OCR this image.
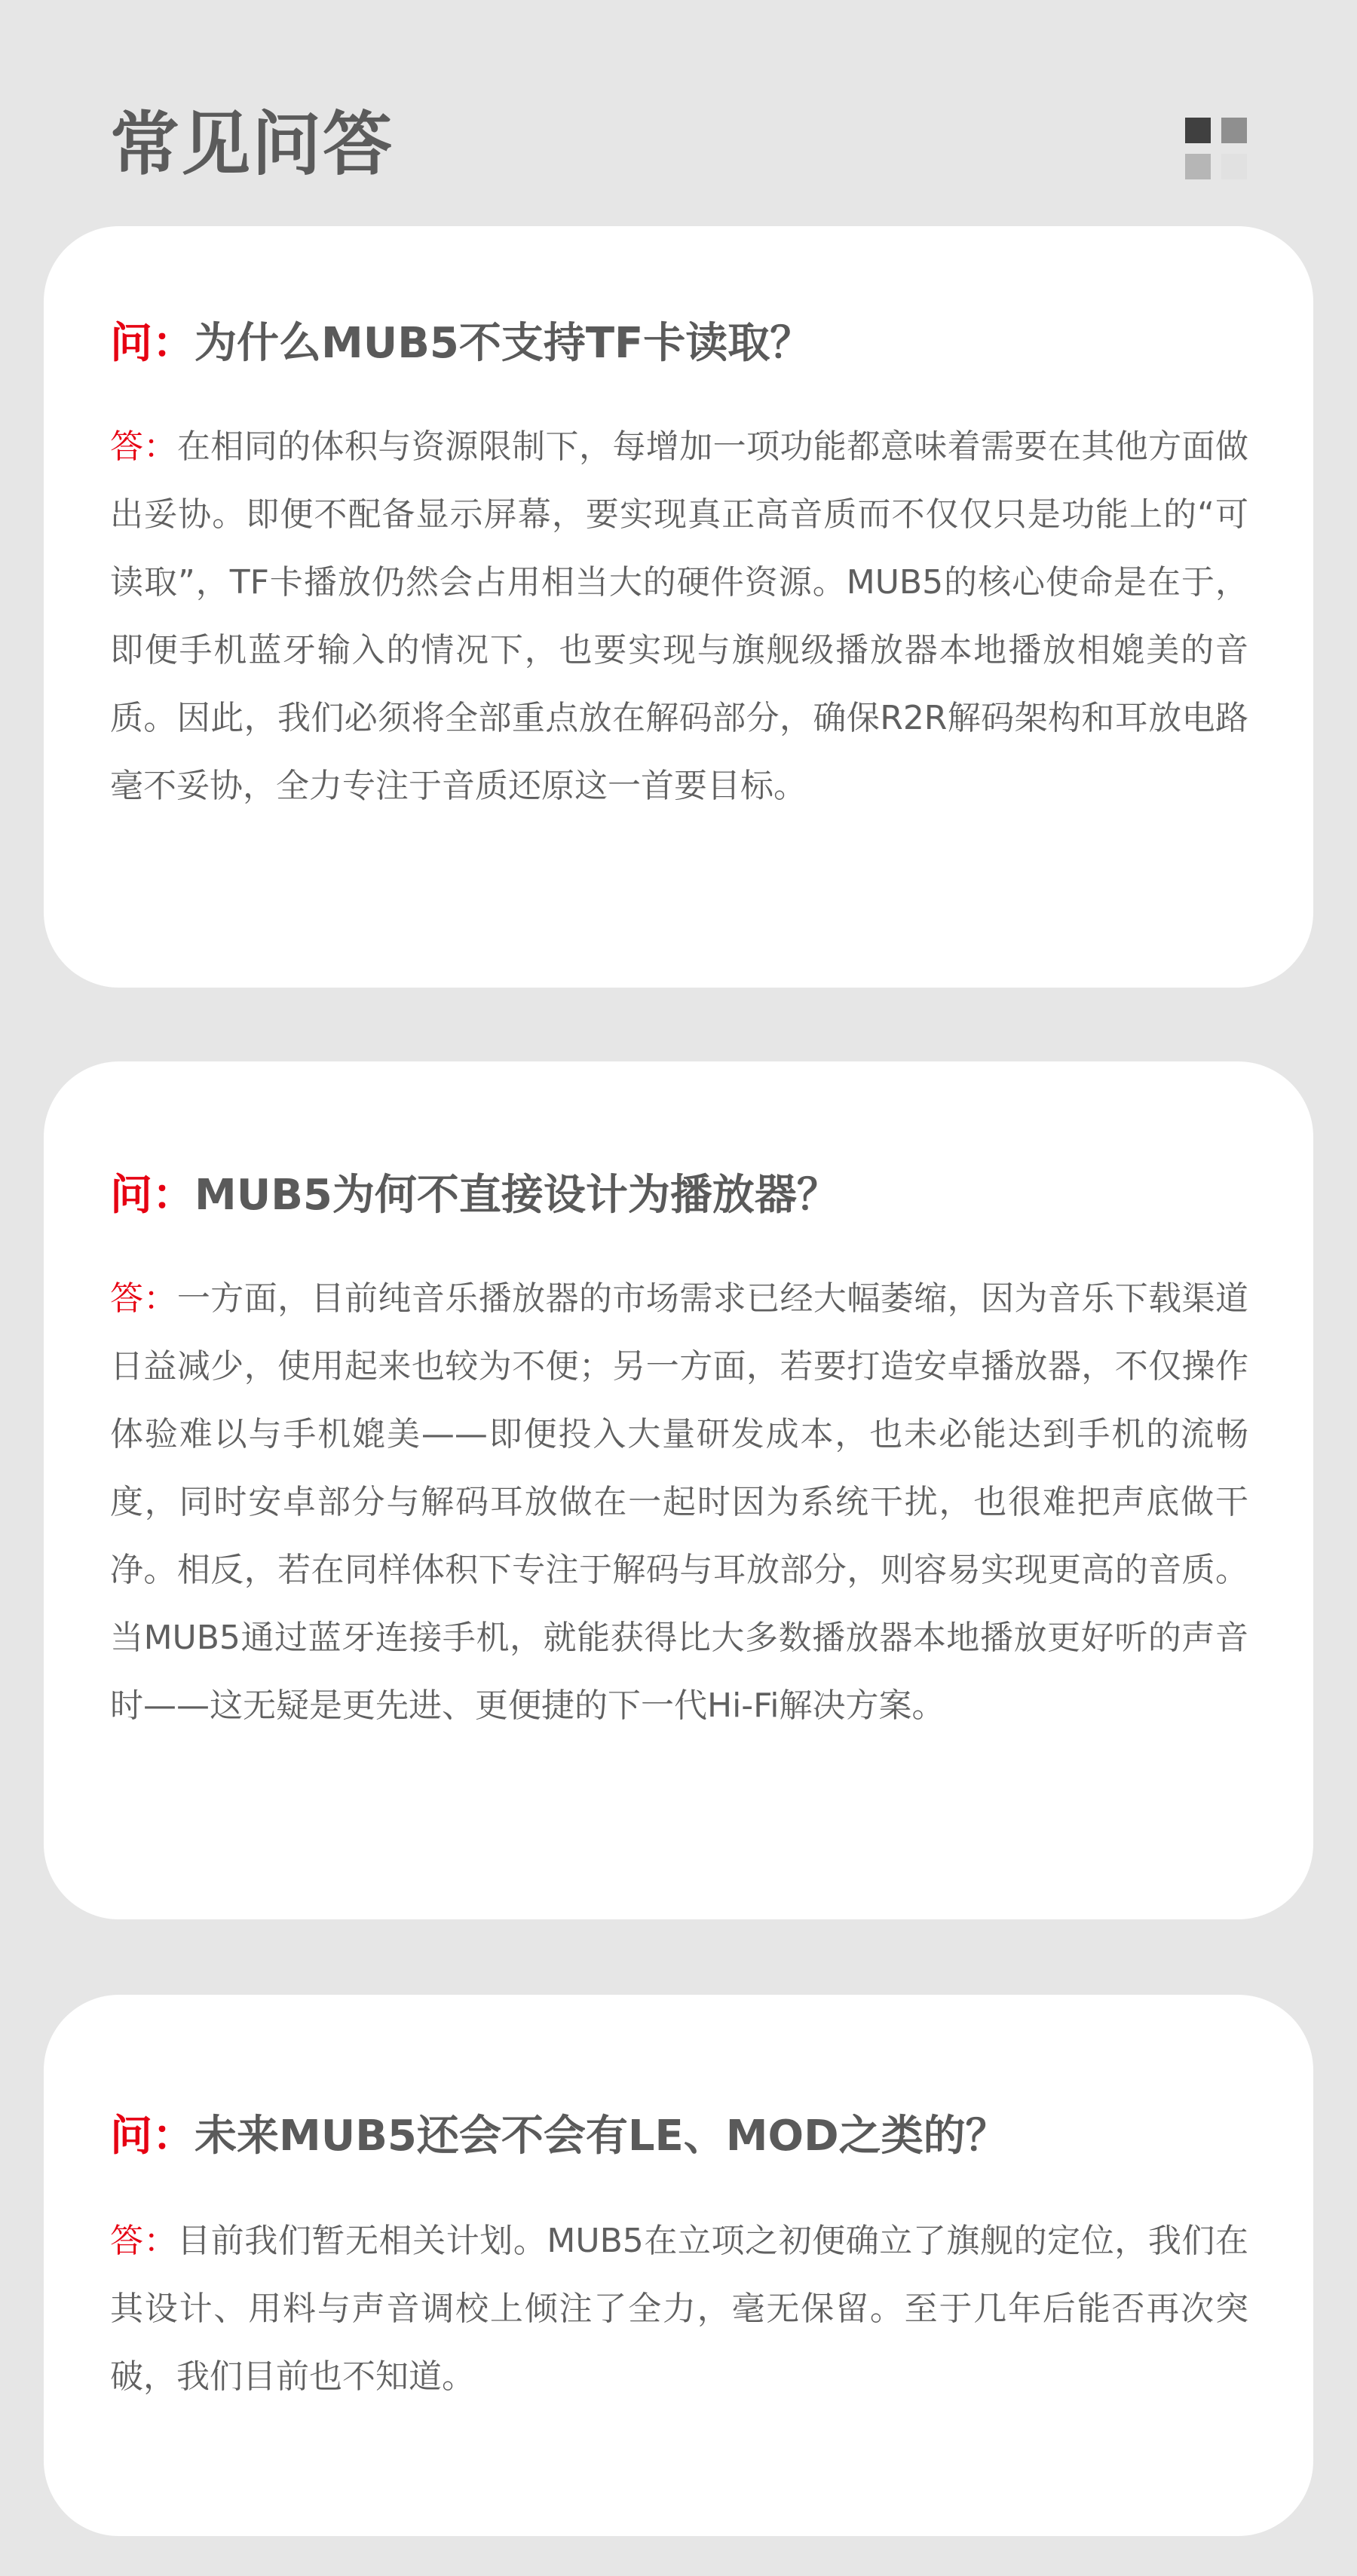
常见问答
问：为什么MUB5不支持TF卡读取？
答：在相同的体积与资源限制下，每增加一项功能都意味着需要在其他方面做出妥协。即便不配备显示屏幕，要实现真正高音质而不仅仅只是功能上的“可读取”，TF卡播放仍然会占用相当大的硬件资源。MUB5的核心使命是在于，即便手机蓝牙输入的情况下，也要实现与旗舰级播放器本地播放相媲美的音质。因此，我们必须将全部重点放在解码部分，确保R2R解码架构和耳放电路毫不妥协，全力专注于音质还原这一首要目标。
问：MUB5为何不直接设计为播放器？
答：一方面，目前纯音乐播放器的市场需求已经大幅萎缩，因为音乐下载渠道日益减少，使用起来也较为不便；另一方面，若要打造安卓播放器，不仅操作体验难以与手机媲美——即便投入大量研发成本，也未必能达到手机的流畅度，同时安卓部分与解码耳放做在一起时因为系统干扰，也很难把声底做干净。相反，若在同样体积下专注于解码与耳放部分，则容易实现更高的音质。当MUB5通过蓝牙连接手机，就能获得比大多数播放器本地播放更好听的声音时——这无疑是更先进、更便捷的下一代Hi-Fi解决方案。
问：未来MUB5还会不会有LE、MOD之类的？
答：目前我们暂无相关计划。MUB5在立项之初便确立了旗舰的定位，我们在其设计、用料与声音调校上倾注了全力，毫无保留。至于几年后能否再次突破，我们目前也不知道。
